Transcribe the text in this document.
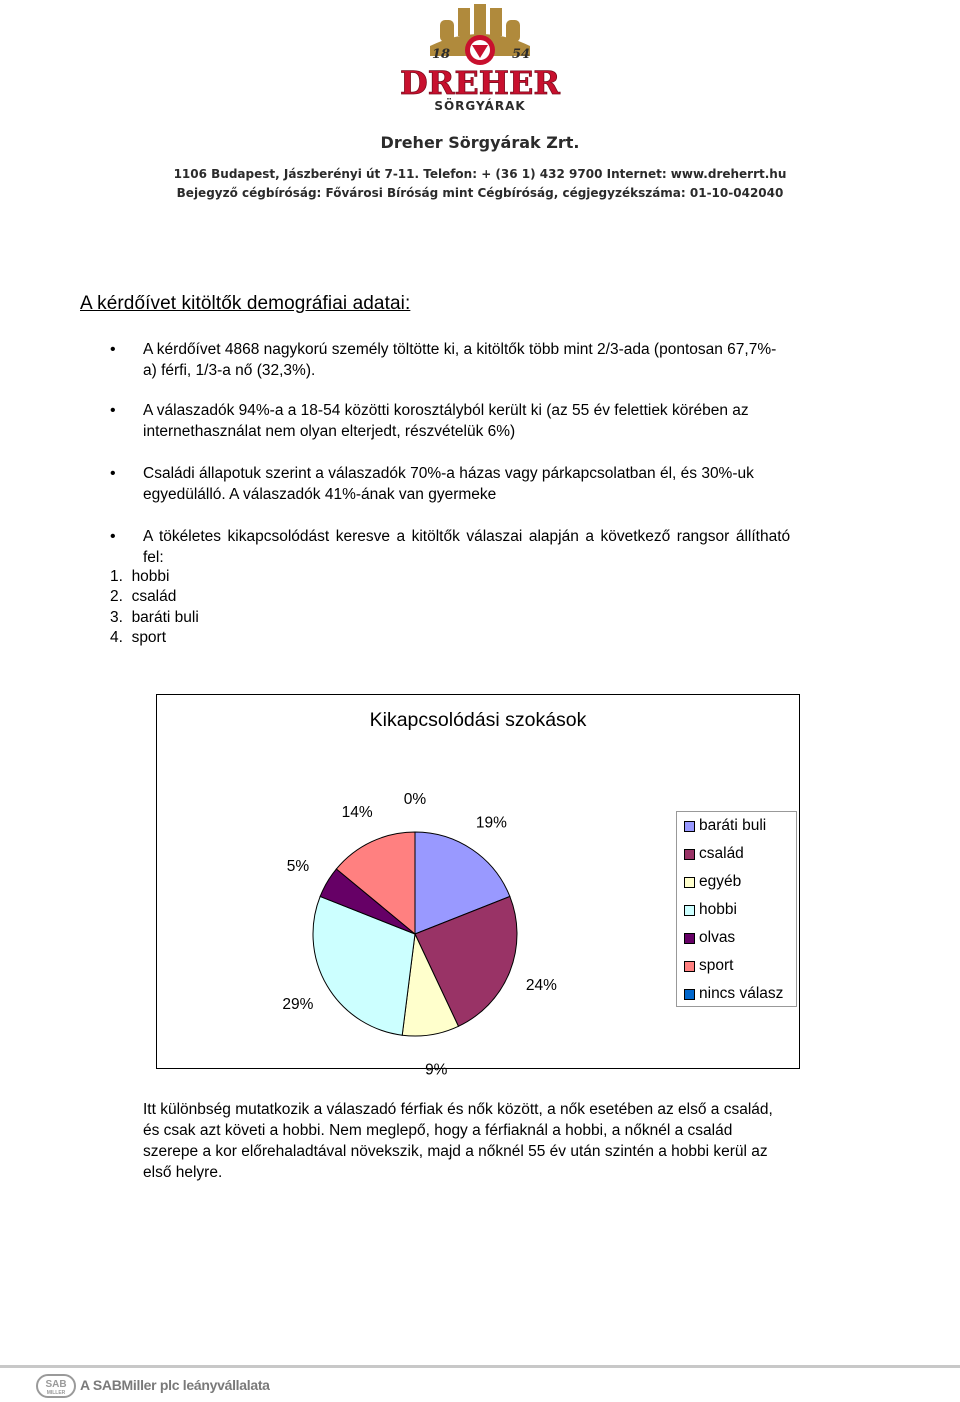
18	54
DREHER
SÖRGYÁRAK
Dreher Sörgyárak Zrt.
1106 Budapest, Jászberényi út 7-11. Telefon: + (36 1) 432 9700 Internet: www.dreherrt.hu
Bejegyző cégbíróság: Fővárosi Bíróság mint Cégbíróság, cégjegyzékszáma: 01-10-042040
A kérdőívet kitöltők demográfiai adatai:
• A kérdőívet 4868 nagykorú személy töltötte ki, a kitöltők több mint 2/3-ada (pontosan 67,7%-
a) férfi, 1/3-a nő (32,3%).
• A válaszadók 94%-a a 18-54 közötti korosztályból került ki (az 55 év felettiek körében az
internethasználat nem olyan elterjedt, részvételük 6%)
• Családi állapotuk szerint a válaszadók 70%-a házas vagy párkapcsolatban él, és 30%-uk
egyedülálló. A válaszadók 41%-ának van gyermeke
• A tökéletes kikapcsolódást keresve a kitöltők válaszai alapján a következő rangsor állítható
fel:
1. hobbi
2. család
3. baráti buli
4. sport
Kikapcsolódási szokások
19%
24%
9%
29%
5%
14%
0%
baráti buli
család
egyéb
hobbi
olvas
sport
nincs válasz
Itt különbség mutatkozik a válaszadó férfiak és nők között, a nők esetében az első a család,
és csak azt követi a hobbi. Nem meglepő, hogy a férfiaknál a hobbi, a nőknél a család
szerepe a kor előrehaladtával növekszik, majd a nőknél 55 év után szintén a hobbi kerül az
első helyre.
SAB
MILLER A SABMiller plc leányvállalata
